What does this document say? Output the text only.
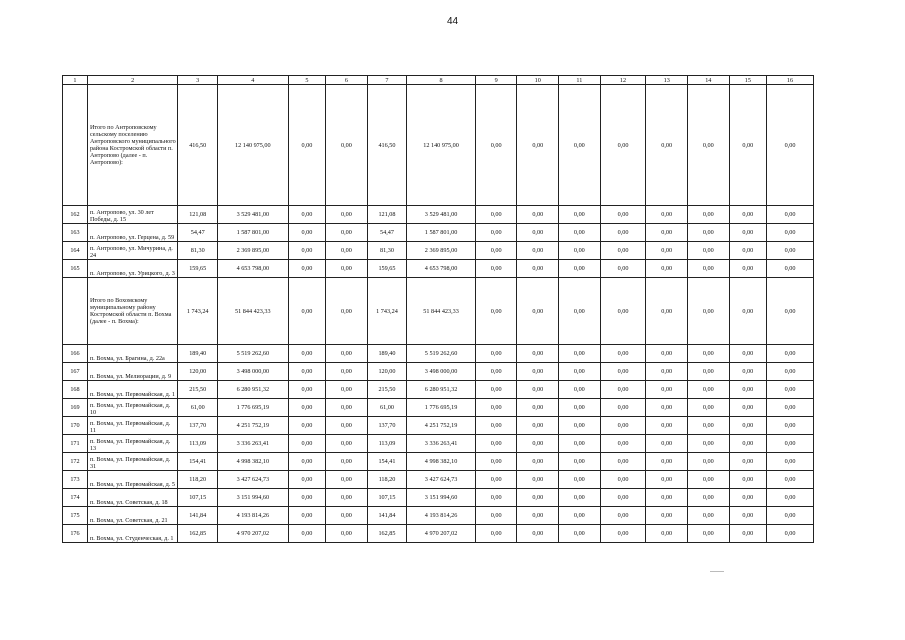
44
1	2	3	4	5	6	7	8	9	10	11	12	13	14	15	16
	Итого по Антроповскому сельскому поселению Антроповского муниципального района Костромской области п. Антропово (далее - п. Антропово):	416,50	12 140 975,00	0,00	0,00	416,50	12 140 975,00	0,00	0,00	0,00	0,00	0,00	0,00	0,00	0,00
162	п. Антропово, ул. 30 лет Победы, д. 15	121,08	3 529 481,00	0,00	0,00	121,08	3 529 481,00	0,00	0,00	0,00	0,00	0,00	0,00	0,00	0,00
163	п. Антропово, ул. Герцена, д. 59	54,47	1 587 801,00	0,00	0,00	54,47	1 587 801,00	0,00	0,00	0,00	0,00	0,00	0,00	0,00	0,00
164	п. Антропово, ул. Мичурина, д. 24	81,30	2 369 895,00	0,00	0,00	81,30	2 369 895,00	0,00	0,00	0,00	0,00	0,00	0,00	0,00	0,00
165	п. Антропово, ул. Урицкого, д. 3	159,65	4 653 798,00	0,00	0,00	159,65	4 653 798,00	0,00	0,00	0,00	0,00	0,00	0,00	0,00	0,00
	Итого по Вохомскому муниципальному району Костромской области п. Вохма (далее - п. Вохма):	1 743,24	51 844 423,33	0,00	0,00	1 743,24	51 844 423,33	0,00	0,00	0,00	0,00	0,00	0,00	0,00	0,00
166	п. Вохма, ул. Брагина, д. 22а	189,40	5 519 262,60	0,00	0,00	189,40	5 519 262,60	0,00	0,00	0,00	0,00	0,00	0,00	0,00	0,00
167	п. Вохма, ул. Мелиорации, д. 9	120,00	3 498 000,00	0,00	0,00	120,00	3 498 000,00	0,00	0,00	0,00	0,00	0,00	0,00	0,00	0,00
168	п. Вохма, ул. Первомайская, д. 1	215,50	6 280 951,32	0,00	0,00	215,50	6 280 951,32	0,00	0,00	0,00	0,00	0,00	0,00	0,00	0,00
169	п. Вохма, ул. Первомайская, д. 10	61,00	1 776 695,19	0,00	0,00	61,00	1 776 695,19	0,00	0,00	0,00	0,00	0,00	0,00	0,00	0,00
170	п. Вохма, ул. Первомайская, д. 11	137,70	4 251 752,19	0,00	0,00	137,70	4 251 752,19	0,00	0,00	0,00	0,00	0,00	0,00	0,00	0,00
171	п. Вохма, ул. Первомайская, д. 13	113,09	3 336 263,41	0,00	0,00	113,09	3 336 263,41	0,00	0,00	0,00	0,00	0,00	0,00	0,00	0,00
172	п. Вохма, ул. Первомайская, д. 31	154,41	4 998 382,10	0,00	0,00	154,41	4 998 382,10	0,00	0,00	0,00	0,00	0,00	0,00	0,00	0,00
173	п. Вохма, ул. Первомайская, д. 5	118,20	3 427 624,73	0,00	0,00	118,20	3 427 624,73	0,00	0,00	0,00	0,00	0,00	0,00	0,00	0,00
174	п. Вохма, ул. Советская, д. 18	107,15	3 151 994,60	0,00	0,00	107,15	3 151 994,60	0,00	0,00	0,00	0,00	0,00	0,00	0,00	0,00
175	п. Вохма, ул. Советская, д. 21	141,84	4 193 814,26	0,00	0,00	141,84	4 193 814,26	0,00	0,00	0,00	0,00	0,00	0,00	0,00	0,00
176	п. Вохма, ул. Студенческая, д. 1	162,85	4 970 207,02	0,00	0,00	162,85	4 970 207,02	0,00	0,00	0,00	0,00	0,00	0,00	0,00	0,00
